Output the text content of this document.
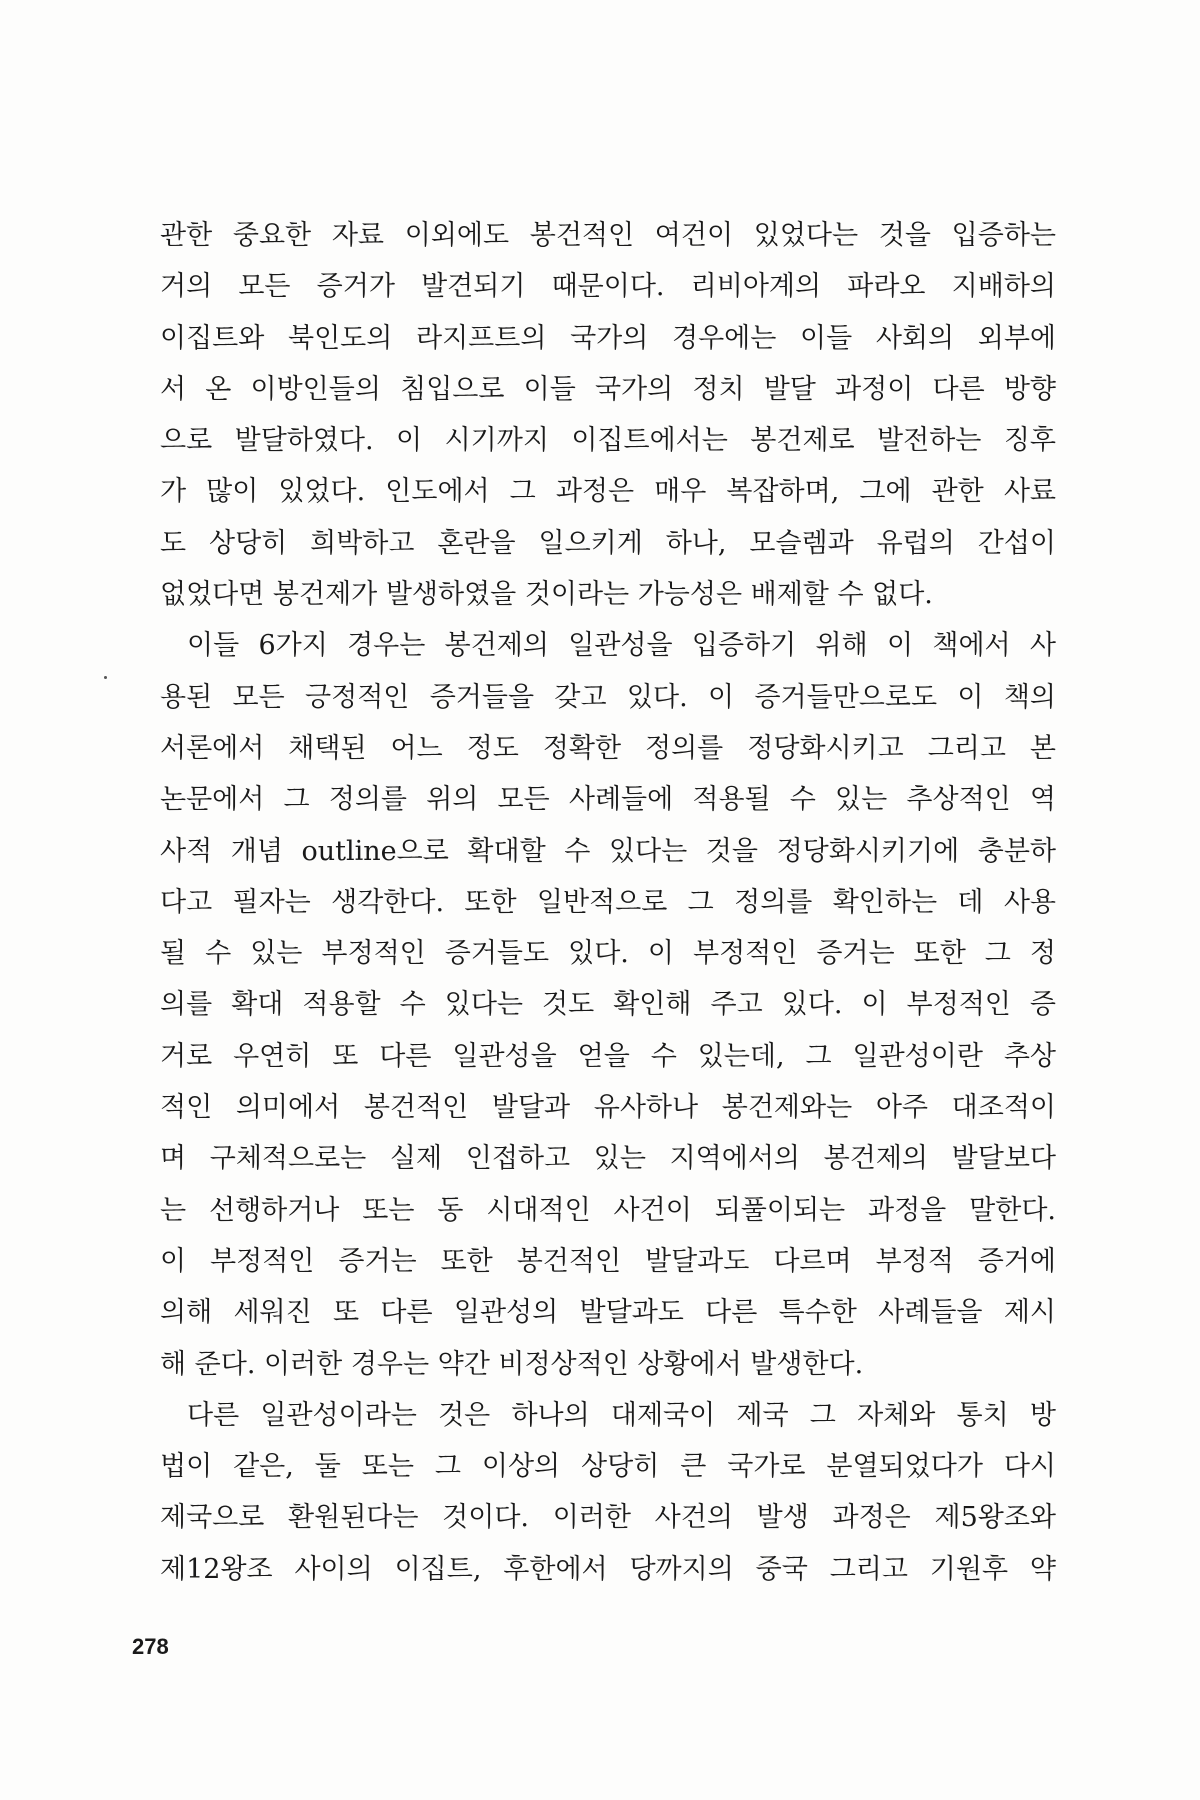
관한 중요한 자료 이외에도 봉건적인 여건이 있었다는 것을 입증하는
거의 모든 증거가 발견되기 때문이다. 리비아계의 파라오 지배하의
이집트와 북인도의 라지프트의 국가의 경우에는 이들 사회의 외부에
서 온 이방인들의 침입으로 이들 국가의 정치 발달 과정이 다른 방향
으로 발달하였다. 이 시기까지 이집트에서는 봉건제로 발전하는 징후
가 많이 있었다. 인도에서 그 과정은 매우 복잡하며, 그에 관한 사료
도 상당히 희박하고 혼란을 일으키게 하나, 모슬렘과 유럽의 간섭이
없었다면 봉건제가 발생하였을 것이라는 가능성은 배제할 수 없다.
이들 6가지 경우는 봉건제의 일관성을 입증하기 위해 이 책에서 사
용된 모든 긍정적인 증거들을 갖고 있다. 이 증거들만으로도 이 책의
서론에서 채택된 어느 정도 정확한 정의를 정당화시키고 그리고 본
논문에서 그 정의를 위의 모든 사례들에 적용될 수 있는 추상적인 역
사적 개념 outline으로 확대할 수 있다는 것을 정당화시키기에 충분하
다고 필자는 생각한다. 또한 일반적으로 그 정의를 확인하는 데 사용
될 수 있는 부정적인 증거들도 있다. 이 부정적인 증거는 또한 그 정
의를 확대 적용할 수 있다는 것도 확인해 주고 있다. 이 부정적인 증
거로 우연히 또 다른 일관성을 얻을 수 있는데, 그 일관성이란 추상
적인 의미에서 봉건적인 발달과 유사하나 봉건제와는 아주 대조적이
며 구체적으로는 실제 인접하고 있는 지역에서의 봉건제의 발달보다
는 선행하거나 또는 동 시대적인 사건이 되풀이되는 과정을 말한다.
이 부정적인 증거는 또한 봉건적인 발달과도 다르며 부정적 증거에
의해 세워진 또 다른 일관성의 발달과도 다른 특수한 사례들을 제시
해 준다. 이러한 경우는 약간 비정상적인 상황에서 발생한다.
다른 일관성이라는 것은 하나의 대제국이 제국 그 자체와 통치 방
법이 같은, 둘 또는 그 이상의 상당히 큰 국가로 분열되었다가 다시
제국으로 환원된다는 것이다. 이러한 사건의 발생 과정은 제5왕조와
제12왕조 사이의 이집트, 후한에서 당까지의 중국 그리고 기원후 약
278
